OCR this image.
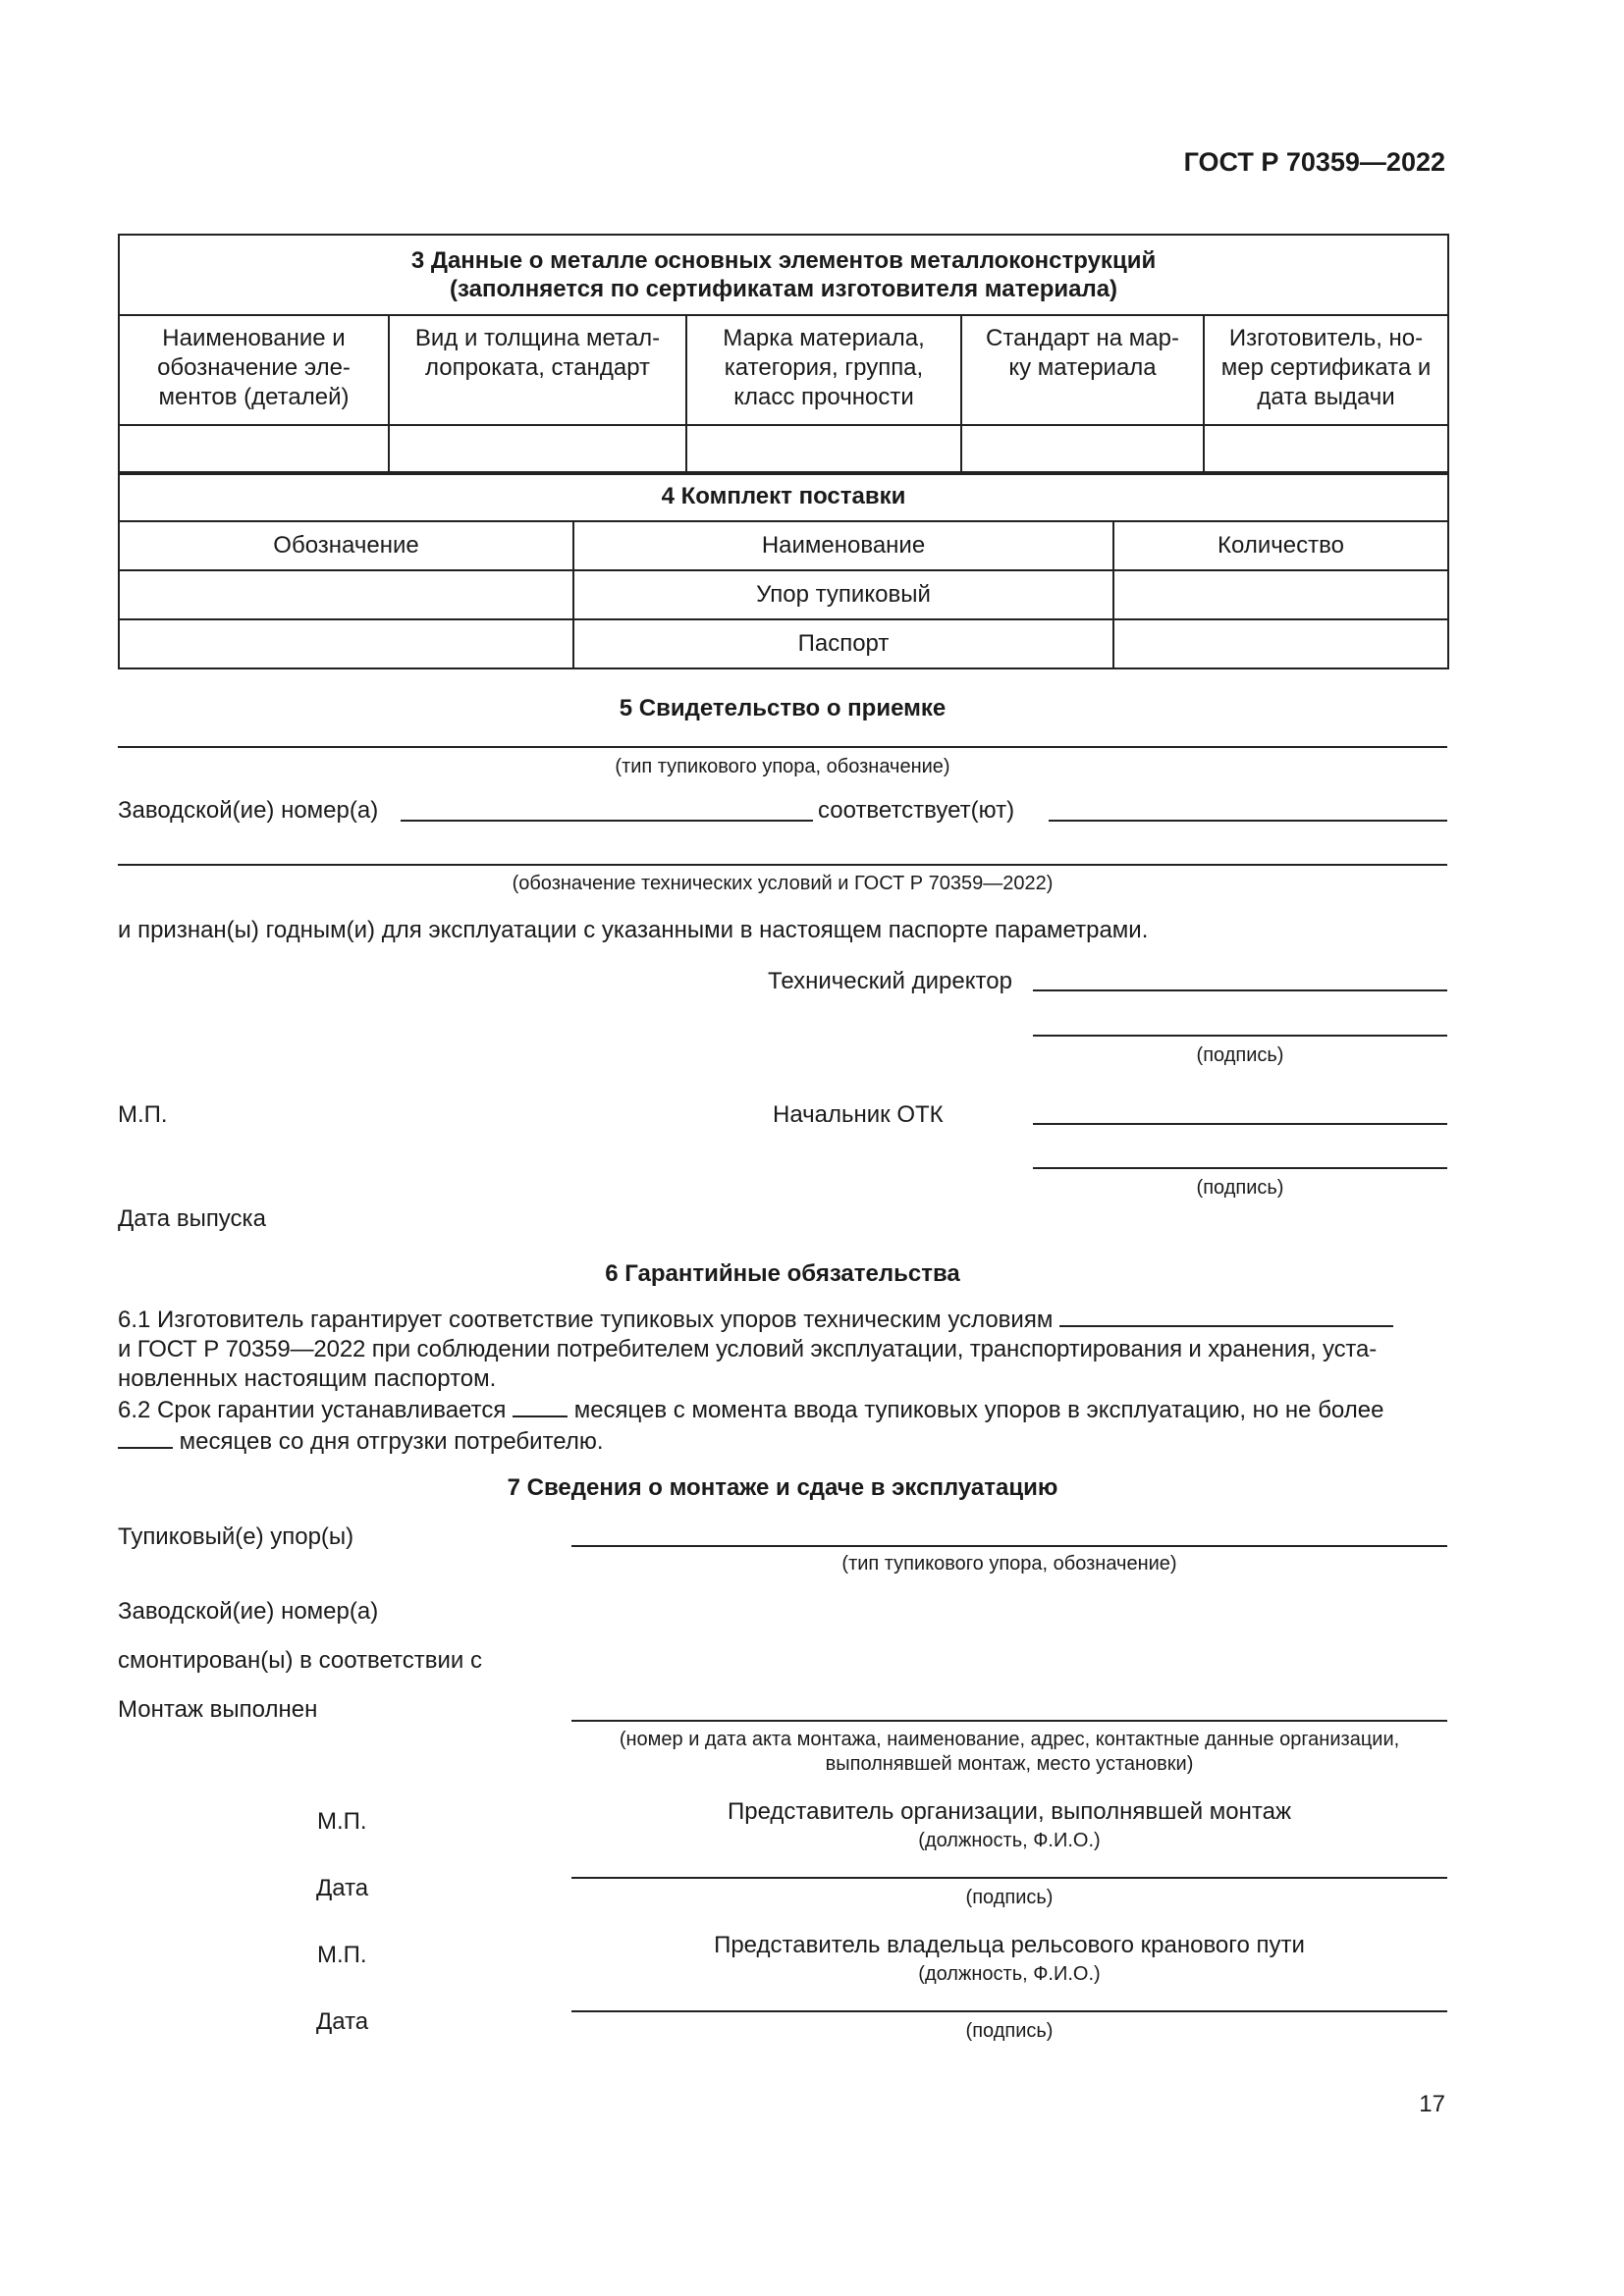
ГОСТ Р 70359—2022
3 Данные о металле основных элементов металлоконструкций
(заполняется по сертификатам изготовителя материала)				

Наименование и обозначение эле-ментов (деталей)	Вид и толщина метал-лопроката, стандарт	Марка материала, категория, группа, класс прочности	Стандарт на мар-ку материала	Изготовитель, но-мер сертификата и дата выдачи

4 Комплект поставки		
Обозначение	Наименование	Количество
	Упор тупиковый	
	Паспорт	
5 Свидетельство о приемке
(тип тупикового упора, обозначение)
Заводской(ие) номер(а)	соответствует(ют)
(обозначение технических условий и ГОСТ Р 70359—2022)
и признан(ы) годным(и) для эксплуатации с указанными в настоящем паспорте параметрами.
Технический директор
(подпись)
М.П.	Начальник ОТК
(подпись)
Дата выпуска
6 Гарантийные обязательства

6.1 Изготовитель гарантирует соответствие тупиковых упоров техническим условиям

и ГОСТ Р 70359—2022 при соблюдении потребителем условий эксплуатации, транспортирования и хранения, уста-

новленных настоящим паспортом.

6.2 Срок гарантии устанавливается	месяцев с момента ввода тупиковых упоров в эксплуатацию, но не более

месяцев со дня отгрузки потребителю.

7 Сведения о монтаже и сдаче в эксплуатацию
Тупиковый(е) упор(ы)
(тип тупикового упора, обозначение)
Заводской(ие) номер(а)
смонтирован(ы) в соответствии с
Монтаж выполнен
(номер и дата акта монтажа, наименование, адрес, контактные данные организации,
выполнявшей монтаж, место установки)
М.П.	Представитель организации, выполнявшей монтаж
(должность, Ф.И.О.)
Дата	(подпись)
М.П.	Представитель владельца рельсового кранового пути
(должность, Ф.И.О.)
Дата	(подпись)
17
